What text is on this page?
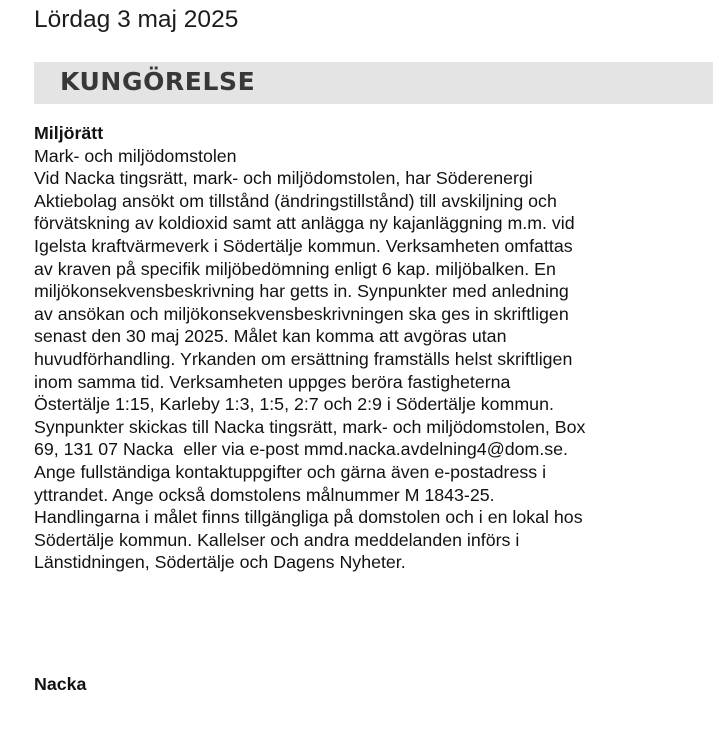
Lördag 3 maj 2025
KUNGÖRELSE
Miljörätt
Mark- och miljödomstolen
Vid Nacka tingsrätt, mark- och miljödomstolen, har Söderenergi
Aktiebolag ansökt om tillstånd (ändringstillstånd) till avskiljning och
förvätskning av koldioxid samt att anlägga ny kajanläggning m.m. vid
Igelsta kraftvärmeverk i Södertälje kommun. Verksamheten omfattas
av kraven på specifik miljöbedömning enligt 6 kap. miljöbalken. En
miljökonsekvensbeskrivning har getts in. Synpunkter med anledning
av ansökan och miljökonsekvensbeskrivningen ska ges in skriftligen
senast den 30 maj 2025. Målet kan komma att avgöras utan
huvudförhandling. Yrkanden om ersättning framställs helst skriftligen
inom samma tid. Verksamheten uppges beröra fastigheterna
Östertälje 1:15, Karleby 1:3, 1:5, 2:7 och 2:9 i Södertälje kommun.
Synpunkter skickas till Nacka tingsrätt, mark- och miljödomstolen, Box
69, 131 07 Nacka  eller via e-post mmd.nacka.avdelning4@dom.se.
Ange fullständiga kontaktuppgifter och gärna även e-postadress i
yttrandet. Ange också domstolens målnummer M 1843-25.
Handlingarna i målet finns tillgängliga på domstolen och i en lokal hos
Södertälje kommun. Kallelser och andra meddelanden införs i
Länstidningen, Södertälje och Dagens Nyheter.
Nacka
